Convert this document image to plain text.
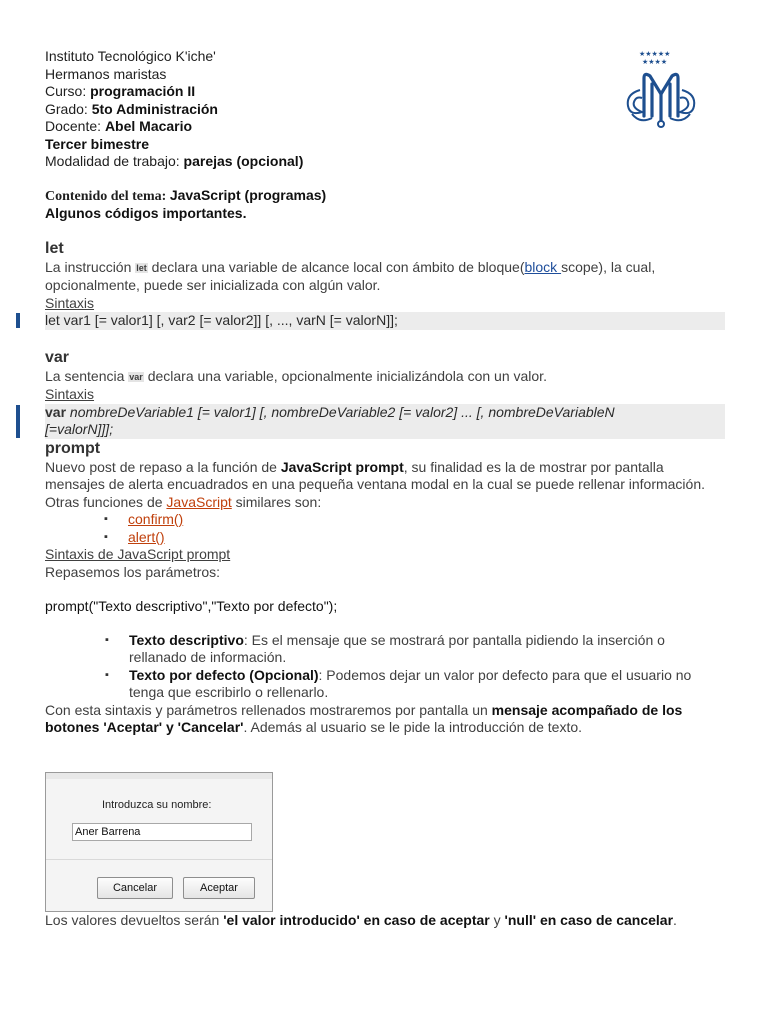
★★★★★
★★★★
Instituto Tecnológico K'iche'
Hermanos maristas
Curso: programación II
Grado: 5to Administración
Docente: Abel Macario
Tercer bimestre
Modalidad de trabajo: parejas (opcional)
Contenido del tema: JavaScript (programas)
Algunos códigos importantes.
let
La instrucción let declara una variable de alcance local con ámbito de bloque(block scope), la cual,
opcionalmente, puede ser inicializada con algún valor.
Sintaxis
let var1 [= valor1] [, var2 [= valor2]] [, ..., varN [= valorN]];
var
La sentencia var declara una variable, opcionalmente inicializándola con un valor.
Sintaxis
var nombreDeVariable1 [= valor1] [, nombreDeVariable2 [= valor2] ... [, nombreDeVariableN
[=valorN]]];
prompt
Nuevo post de repaso a la función de JavaScript prompt, su finalidad es la de mostrar por pantalla mensajes de alerta encuadrados en una pequeña ventana modal en la cual se puede rellenar información.
Otras funciones de JavaScript similares son:
▪ confirm()
▪ alert()
Sintaxis de JavaScript prompt
Repasemos los parámetros:
prompt("Texto descriptivo","Texto por defecto");
▪ Texto descriptivo: Es el mensaje que se mostrará por pantalla pidiendo la inserción o rellanado de información.
▪ Texto por defecto (Opcional): Podemos dejar un valor por defecto para que el usuario no tenga que escribirlo o rellenarlo.
Con esta sintaxis y parámetros rellenados mostraremos por pantalla un mensaje acompañado de los botones 'Aceptar' y 'Cancelar'. Además al usuario se le pide la introducción de texto.
Introduzca su nombre:
Aner Barrena
Cancelar	Aceptar
Los valores devueltos serán 'el valor introducido' en caso de aceptar y 'null' en caso de cancelar.
